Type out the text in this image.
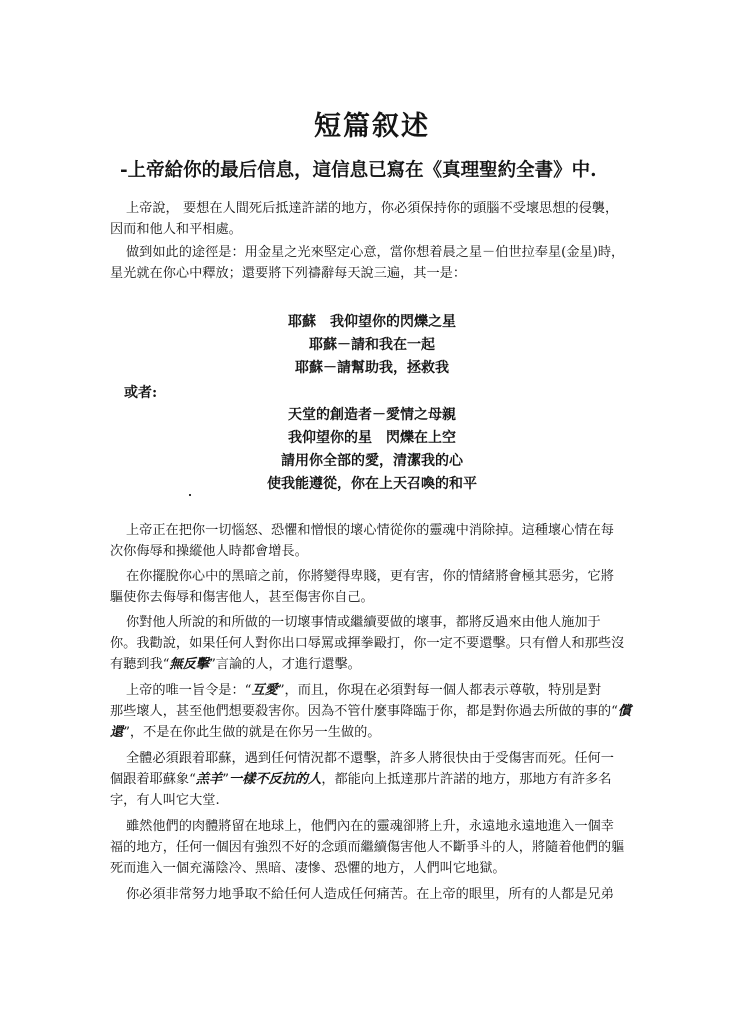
短篇叙述
-上帝給你的最后信息，這信息已寫在《真理聖約全書》中.
上帝說， 要想在人間死后抵達許諾的地方，你必須保持你的頭腦不受壞思想的侵襲，
因而和他人和平相處。
做到如此的途徑是：用金星之光來堅定心意，當你想着晨之星－伯世拉奉星(金星)時，
星光就在你心中釋放；還要將下列禱辭每天說三遍，其一是：
耶蘇　我仰望你的閃爍之星
耶蘇－請和我在一起
耶蘇－請幫助我，拯救我
或者:
天堂的創造者－愛情之母親
我仰望你的星　閃爍在上空
請用你全部的愛，清潔我的心
使我能遵從，你在上天召喚的和平
上帝正在把你一切惱怒、恐懼和憎恨的壞心情從你的靈魂中消除掉。這種壞心情在每
次你侮辱和操縱他人時都會增長。
在你擺脫你心中的黑暗之前，你將變得卑賤，更有害，你的情緒將會極其惡劣，它將
驅使你去侮辱和傷害他人，甚至傷害你自己。
你對他人所說的和所做的一切壞事情或繼續要做的壞事，都將反過來由他人施加于
你。我勸說，如果任何人對你出口辱罵或揮拳毆打，你一定不要還擊。只有僧人和那些沒
有聽到我“無反擊”言論的人，才進行還擊。
上帝的唯一旨令是：“互愛”，而且，你現在必須對每一個人都表示尊敬，特別是對
那些壞人，甚至他們想要殺害你。因為不管什麼事降臨于你，都是對你過去所做的事的“償
還”，不是在你此生做的就是在你另一生做的。
全體必須跟着耶蘇，遇到任何情況都不還擊，許多人將很快由于受傷害而死。任何一
個跟着耶蘇象“羔羊”一樣不反抗的人，都能向上抵達那片許諾的地方，那地方有許多名
字，有人叫它大堂.
雖然他們的肉體將留在地球上，他們內在的靈魂卻將上升，永遠地永遠地進入一個幸
福的地方，任何一個因有強烈不好的念頭而繼續傷害他人不斷爭斗的人，將隨着他們的軀
死而進入一個充滿陰冷、黑暗、凄慘、恐懼的地方，人們叫它地獄。
你必須非常努力地爭取不給任何人造成任何痛苦。在上帝的眼里，所有的人都是兄弟
